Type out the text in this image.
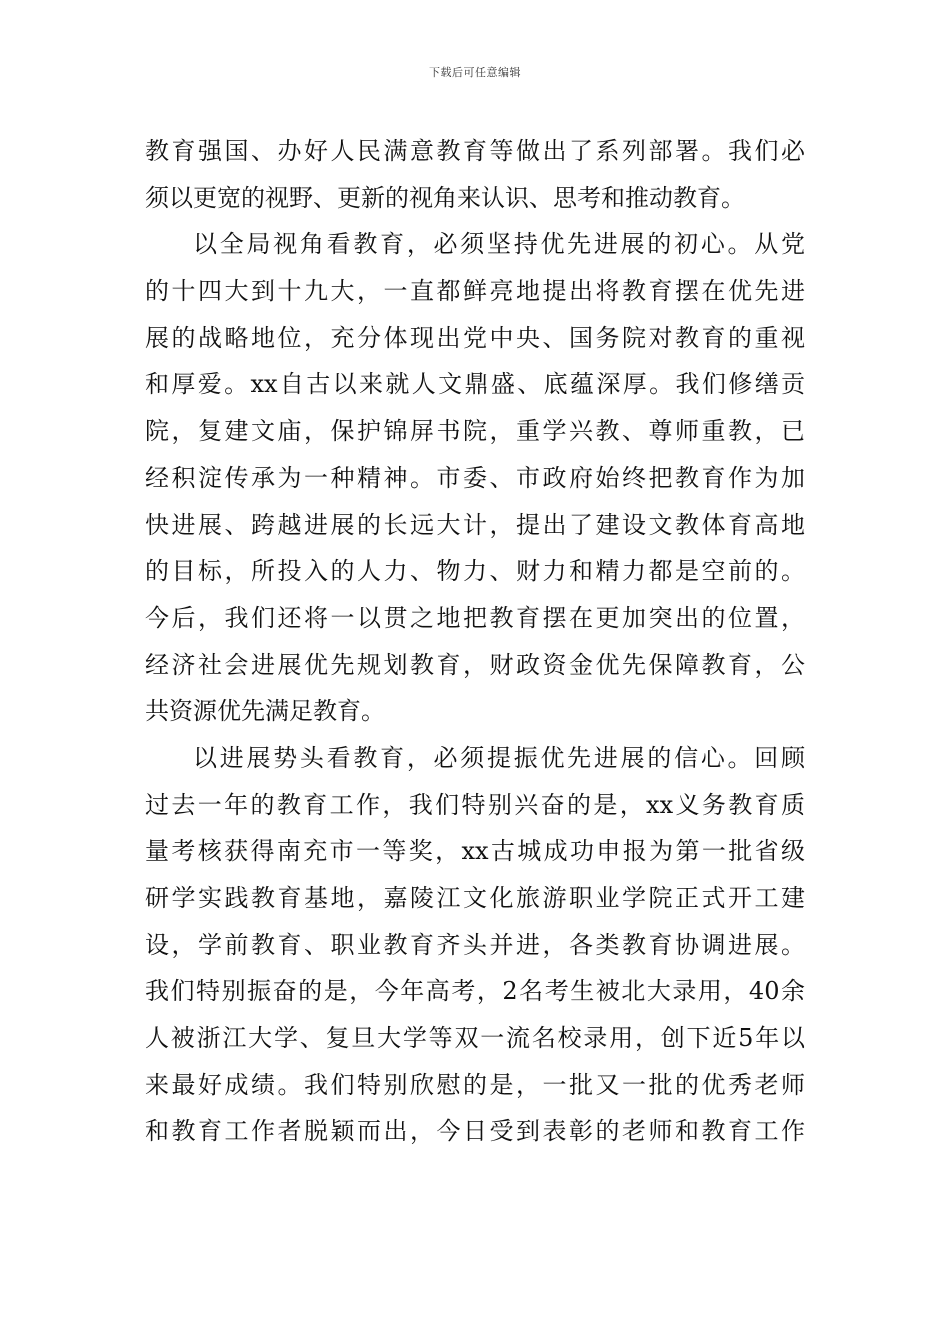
下载后可任意编辑
教育强国、办好人民满意教育等做出了系列部署。我们必
须以更宽的视野、更新的视角来认识、思考和推动教育。
以全局视角看教育，必须坚持优先进展的初心。从党
的十四大到十九大，一直都鲜亮地提出将教育摆在优先进
展的战略地位，充分体现出党中央、国务院对教育的重视
和厚爱。xx自古以来就人文鼎盛、底蕴深厚。我们修缮贡
院，复建文庙，保护锦屏书院，重学兴教、尊师重教，已
经积淀传承为一种精神。市委、市政府始终把教育作为加
快进展、跨越进展的长远大计，提出了建设文教体育高地
的目标，所投入的人力、物力、财力和精力都是空前的。
今后，我们还将一以贯之地把教育摆在更加突出的位置，
经济社会进展优先规划教育，财政资金优先保障教育，公
共资源优先满足教育。
以进展势头看教育，必须提振优先进展的信心。回顾
过去一年的教育工作，我们特别兴奋的是，xx义务教育质
量考核获得南充市一等奖，xx古城成功申报为第一批省级
研学实践教育基地，嘉陵江文化旅游职业学院正式开工建
设，学前教育、职业教育齐头并进，各类教育协调进展。
我们特别振奋的是，今年高考，2名考生被北大录用，40余
人被浙江大学、复旦大学等双一流名校录用，创下近5年以
来最好成绩。我们特别欣慰的是，一批又一批的优秀老师
和教育工作者脱颖而出，今日受到表彰的老师和教育工作
